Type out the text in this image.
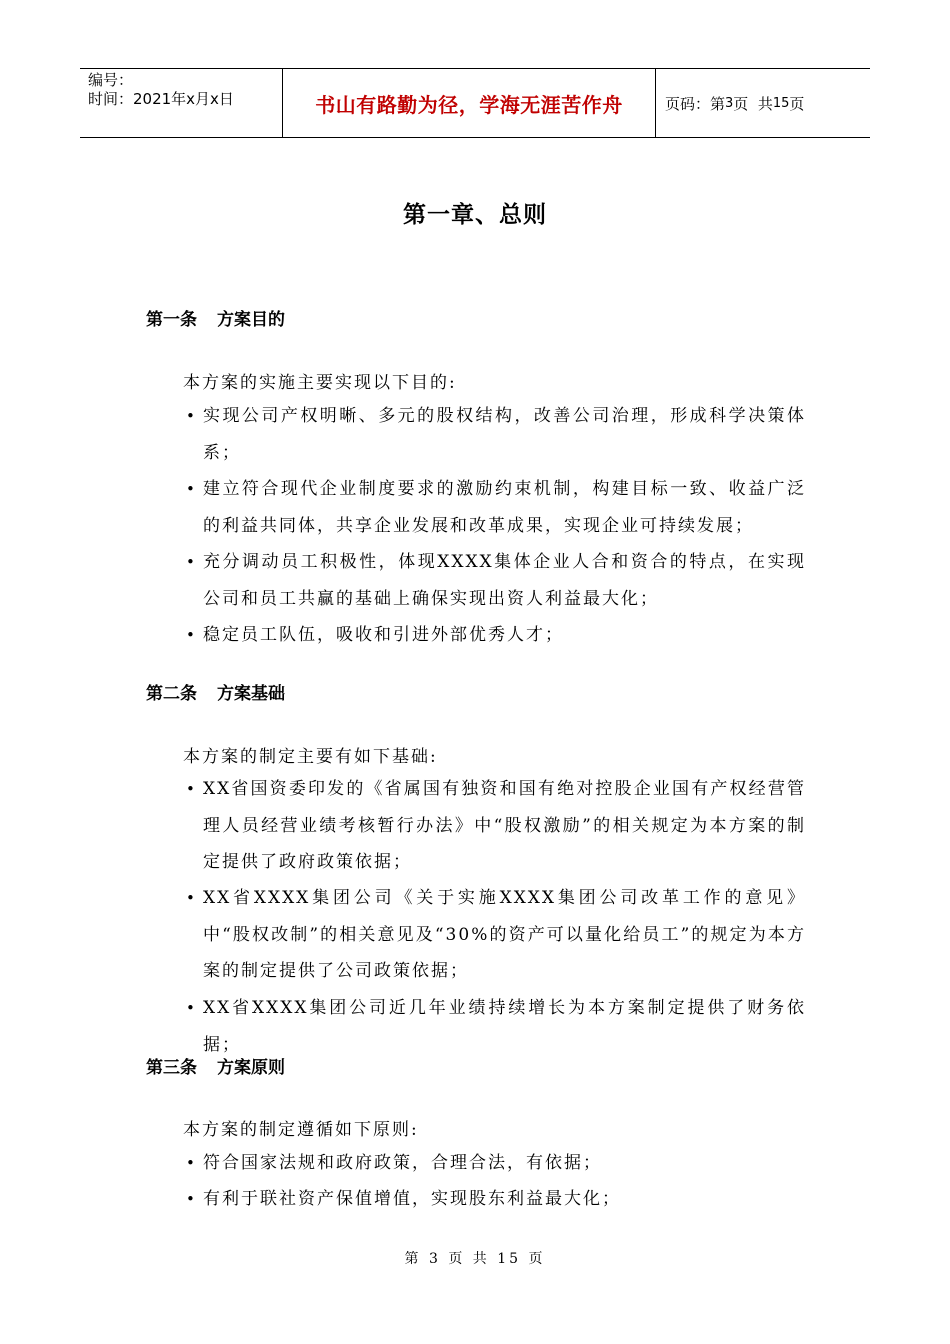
编号：
时间：2021年x月x日	书山有路勤为径，学海无涯苦作舟	页码：第 3 页  共 15 页
第一章、总则
第一条 方案目的
本方案的实施主要实现以下目的:
• 实现公司产权明晰、多元的股权结构，改善公司治理，形成科学决策体系；
• 建立符合现代企业制度要求的激励约束机制，构建目标一致、收益广泛的利益共同体，共享企业发展和改革成果，实现企业可持续发展；
• 充分调动员工积极性，体现XXXX集体企业人合和资合的特点，在实现公司和员工共赢的基础上确保实现出资人利益最大化；
• 稳定员工队伍，吸收和引进外部优秀人才；
第二条 方案基础
本方案的制定主要有如下基础:
• XX省国资委印发的《省属国有独资和国有绝对控股企业国有产权经营管理人员经营业绩考核暂行办法》中“股权激励”的相关规定为本方案的制定提供了政府政策依据；
• XX省XXXX集团公司《关于实施XXXX集团公司改革工作的意见》中“股权改制”的相关意见及“30%的资产可以量化给员工”的规定为本方案的制定提供了公司政策依据；
• XX省XXXX集团公司近几年业绩持续增长为本方案制定提供了财务依据；
第三条 方案原则
本方案的制定遵循如下原则:
• 符合国家法规和政府政策，合理合法，有依据；
• 有利于联社资产保值增值，实现股东利益最大化；
第 3 页 共 15 页
